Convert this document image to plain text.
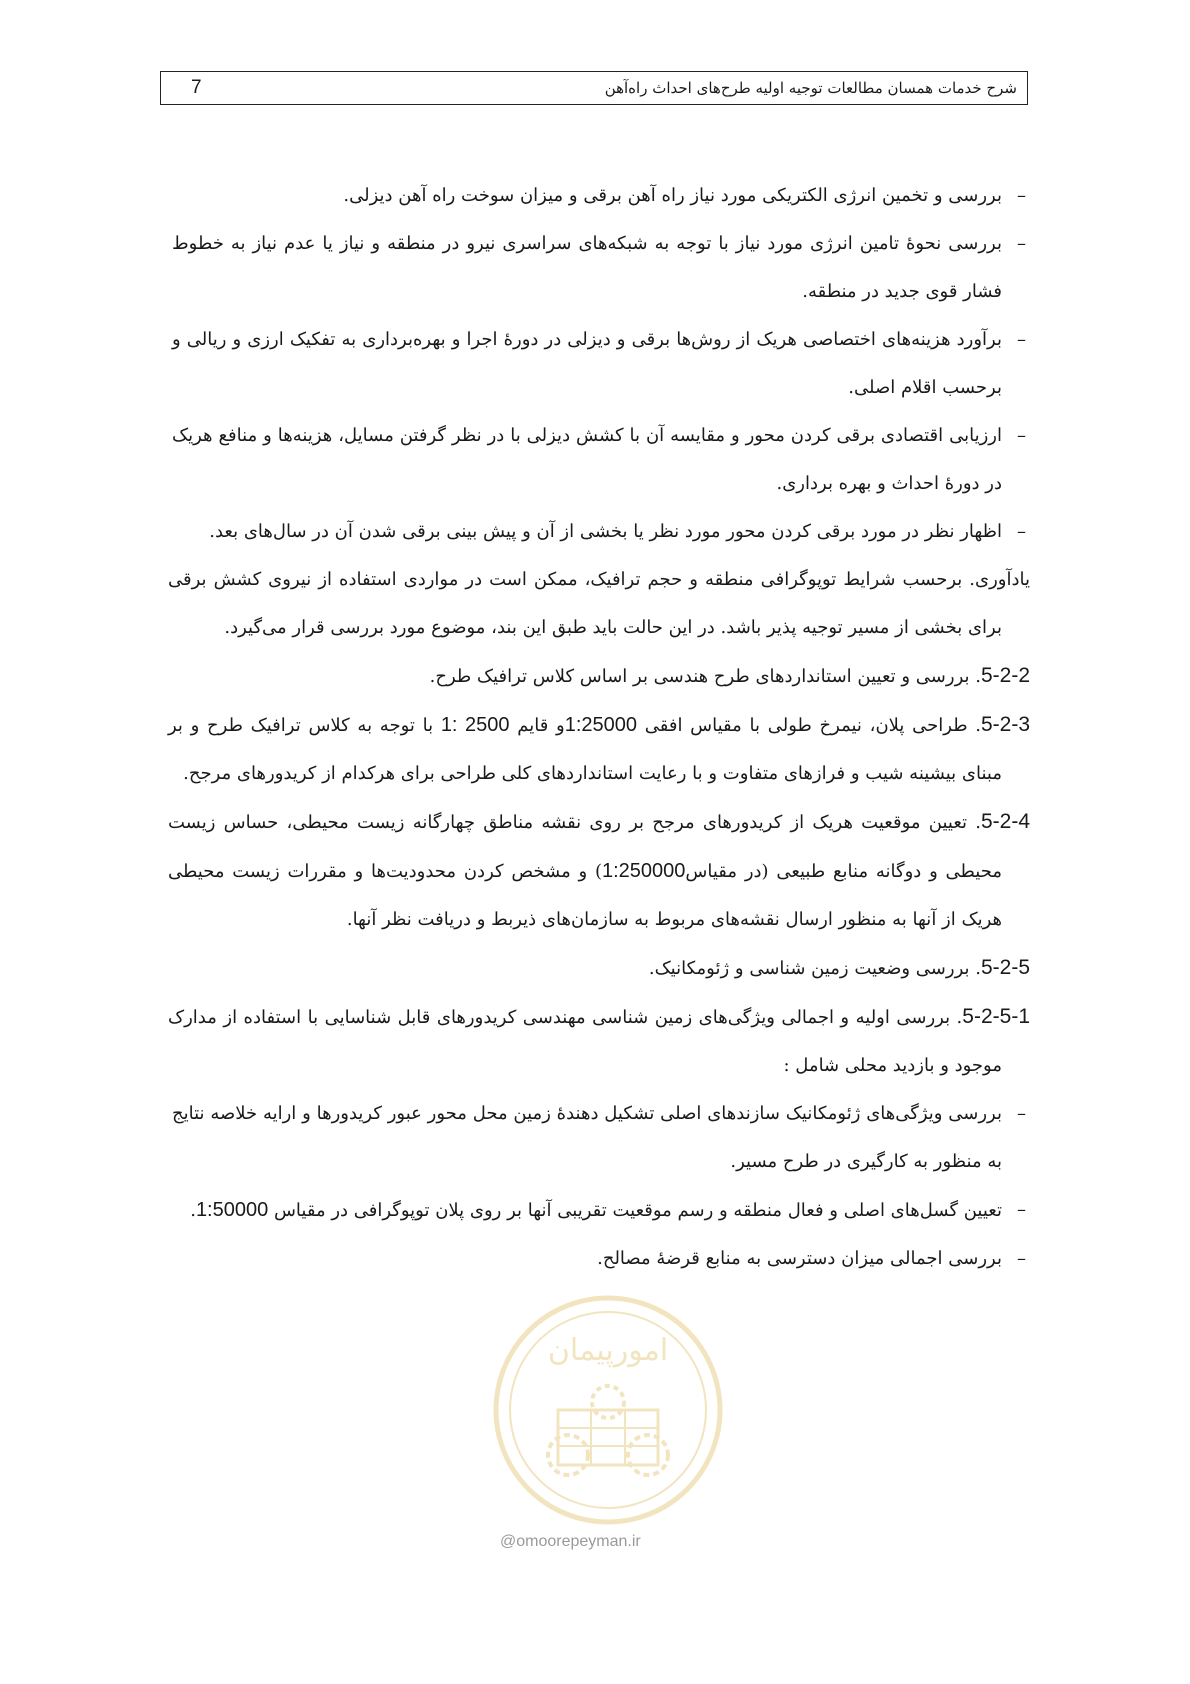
7	شرح خدمات همسان مطالعات توجیه اولیه طرح‌های احداث راه‌آهن
– بررسی و تخمین انرژی الکتریکی مورد نیاز راه آهن برقی و میزان سوخت راه آهن دیزلی.
– بررسی نحوهٔ تامین انرژی مورد نیاز با توجه به شبکه‌های سراسری نیرو در منطقه و نیاز یا عدم نیاز به خطوط فشار قوی جدید در منطقه.
– برآورد هزینه‌های اختصاصی هریک از روش‌ها برقی و دیزلی در دورهٔ اجرا و بهره‌برداری به تفکیک ارزی و ریالی و برحسب اقلام اصلی.
– ارزیابی اقتصادی برقی کردن محور و مقایسه آن با کشش دیزلی با در نظر گرفتن مسایل، هزینه‌ها و منافع هریک در دورهٔ احداث و بهره برداری.
– اظهار نظر در مورد برقی کردن محور مورد نظر یا بخشی از آن و پیش بینی برقی شدن آن در سال‌های بعد.
یادآوری. برحسب شرایط توپوگرافی منطقه و حجم ترافیک، ممکن است در مواردی استفاده از نیروی کشش برقی برای بخشی از مسیر توجیه پذیر باشد. در این حالت باید طبق این بند، موضوع مورد بررسی قرار می‌گیرد.
5-2-2. بررسی و تعیین استانداردهای طرح هندسی بر اساس کلاس ترافیک طرح.
5-2-3. طراحی پلان، نیمرخ طولی با مقیاس افقی 1:25000و قایم 1: 2500 با توجه به کلاس ترافیک طرح و بر مبنای بیشینه شیب و فرازهای متفاوت و با رعایت استانداردهای کلی طراحی برای هرکدام از کریدورهای مرجح.
5-2-4. تعیین موقعیت هریک از کریدورهای مرجح بر روی نقشه مناطق چهارگانه زیست محیطی، حساس زیست محیطی و دوگانه منابع طبیعی (در مقیاس1:250000) و مشخص کردن محدودیت‌ها و مقررات زیست محیطی هریک از آنها به منظور ارسال نقشه‌های مربوط به سازمان‌های ذیربط و دریافت نظر آنها.
5-2-5. بررسی وضعیت زمین شناسی و ژئومکانیک.
5-2-5-1. بررسی اولیه و اجمالی ویژگی‌های زمین شناسی مهندسی کریدورهای قابل شناسایی با استفاده از مدارک موجود و بازدید محلی شامل :
– بررسی ویژگی‌های ژئومکانیک سازندهای اصلی تشکیل دهندهٔ زمین محل محور عبور کریدورها و ارایه خلاصه نتایج به منظور به کارگیری در طرح مسیر.
– تعیین گسل‌های اصلی و فعال منطقه و رسم موقعیت تقریبی آنها بر روی پلان توپوگرافی در مقیاس 1:50000.
– بررسی اجمالی میزان دسترسی به منابع قرضهٔ مصالح.
امورپیمان
@omoorepeyman.ir
